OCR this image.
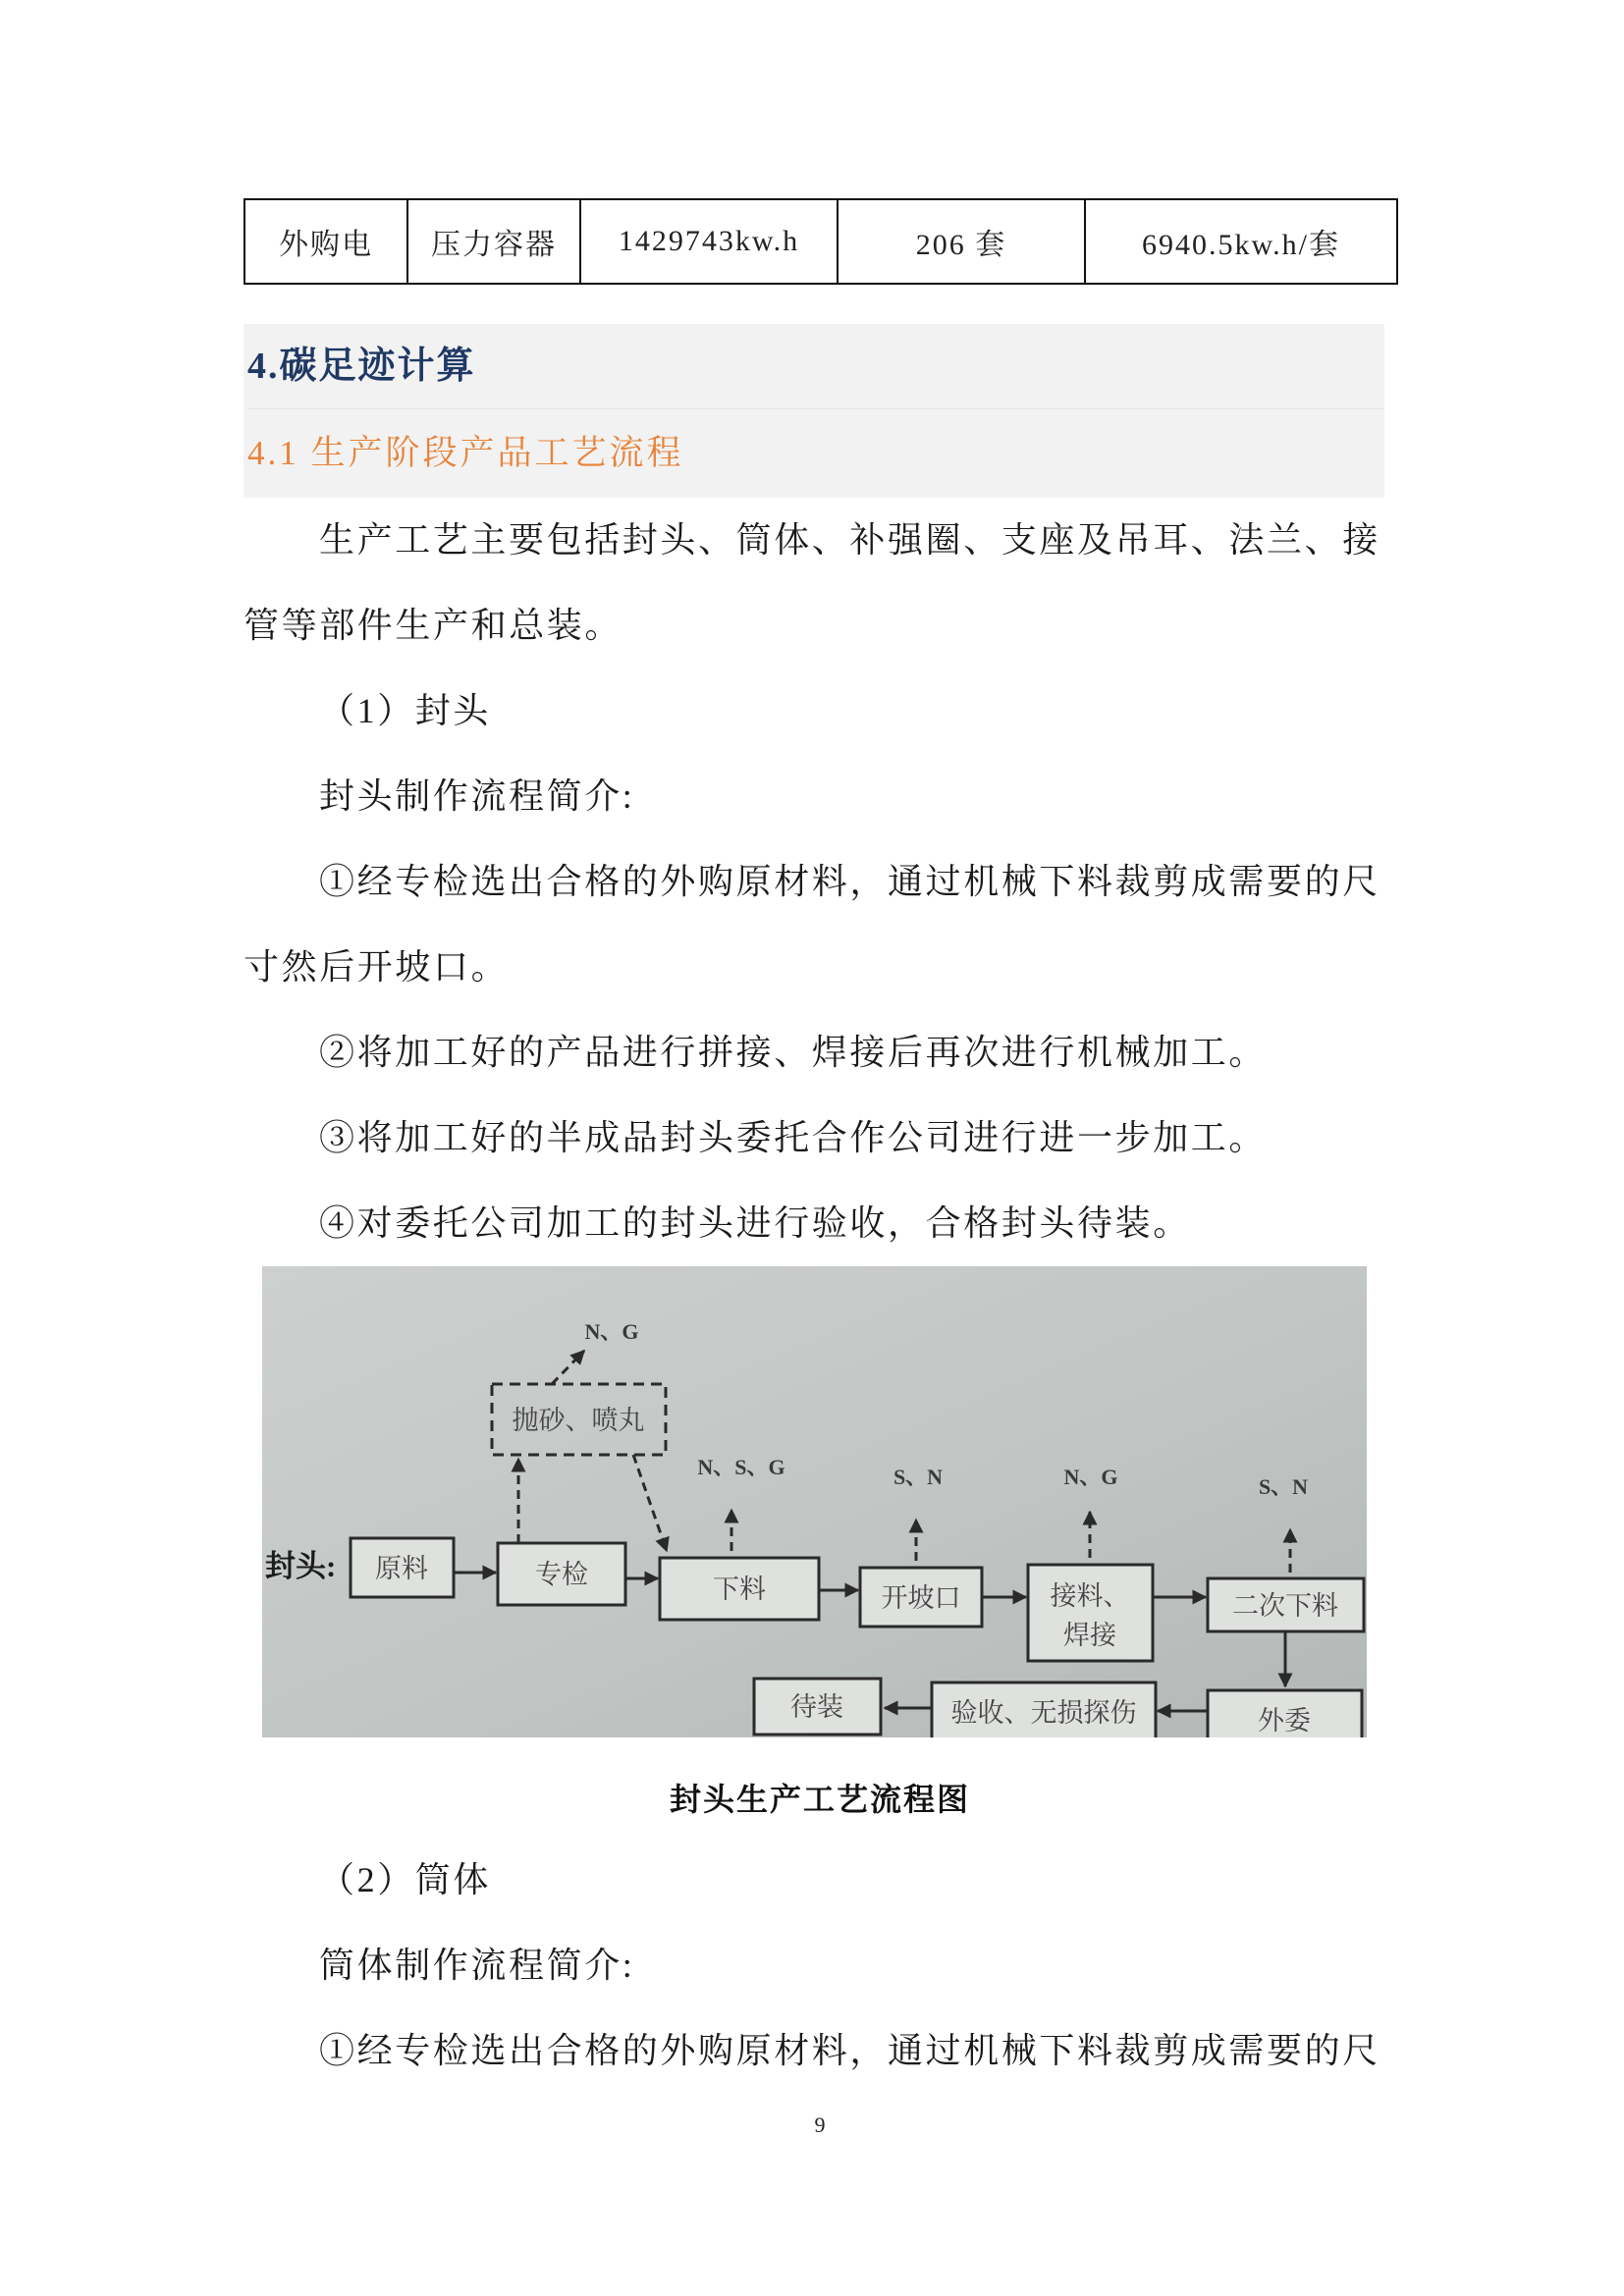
外购电	压力容器	1429743kw.h	206 套	6940.5kw.h/套
4.碳足迹计算
4.1 生产阶段产品工艺流程

生产工艺主要包括封头、筒体、补强圈、支座及吊耳、法兰、接管等部件生产和总装。

（1）封头

封头制作流程简介:

①经专检选出合格的外购原材料，通过机械下料裁剪成需要的尺寸然后开坡口。

②将加工好的产品进行拼接、焊接后再次进行机械加工。

③将加工好的半成品封头委托合作公司进行进一步加工。

④对委托公司加工的封头进行验收，合格封头待装。

封头: 原料	专检	下料	开坡口	接料、
焊接
二次下料
外委
验收、无损探伤
待装
抛砂、喷丸
N、G
N、S、G	S、N	N、G	S、N
封头生产工艺流程图

（2）筒体

筒体制作流程简介:

①经专检选出合格的外购原材料，通过机械下料裁剪成需要的尺

9
